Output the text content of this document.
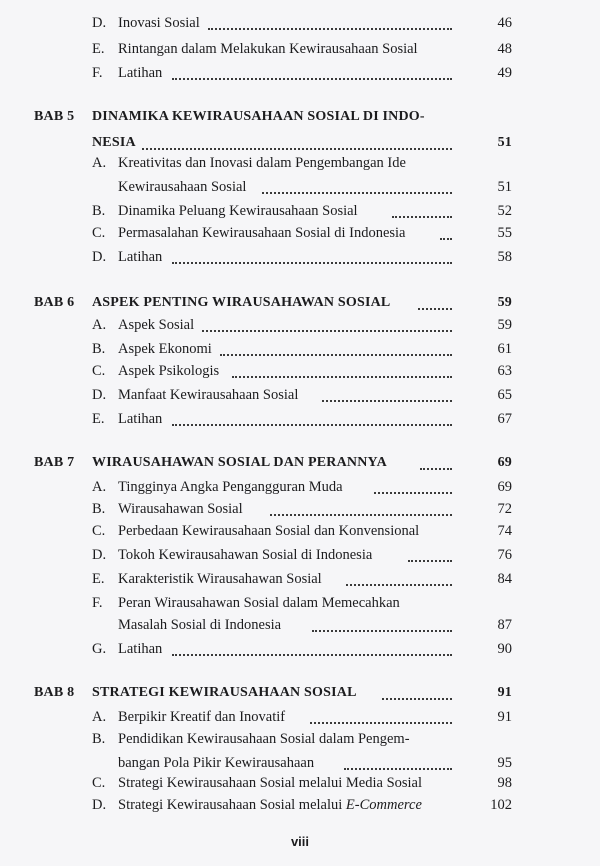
D. Inovasi Sosial	46
E. Rintangan dalam Melakukan Kewirausahaan Sosial	48
F. Latihan	49
BAB 5 DINAMIKA KEWIRAUSAHAAN SOSIAL DI INDO-
NESIA	51
A. Kreativitas dan Inovasi dalam Pengembangan Ide
Kewirausahaan Sosial	51
B. Dinamika Peluang Kewirausahaan Sosial	52
C. Permasalahan Kewirausahaan Sosial di Indonesia	55
D. Latihan	58
BAB 6 ASPEK PENTING WIRAUSAHAWAN SOSIAL	59
A. Aspek Sosial	59
B. Aspek Ekonomi	61
C. Aspek Psikologis	63
D. Manfaat Kewirausahaan Sosial	65
E. Latihan	67
BAB 7 WIRAUSAHAWAN SOSIAL DAN PERANNYA	69
A. Tingginya Angka Pengangguran Muda	69
B. Wirausahawan Sosial	72
C. Perbedaan Kewirausahaan Sosial dan Konvensional	74
D. Tokoh Kewirausahawan Sosial di Indonesia	76
E. Karakteristik Wirausahawan Sosial	84
F. Peran Wirausahawan Sosial dalam Memecahkan
Masalah Sosial di Indonesia	87
G. Latihan	90
BAB 8 STRATEGI KEWIRAUSAHAAN SOSIAL	91
A. Berpikir Kreatif dan Inovatif	91
B. Pendidikan Kewirausahaan Sosial dalam Pengem-
bangan Pola Pikir Kewirausahaan	95
C. Strategi Kewirausahaan Sosial melalui Media Sosial	98
D. Strategi Kewirausahaan Sosial melalui E-Commerce	102
viii
